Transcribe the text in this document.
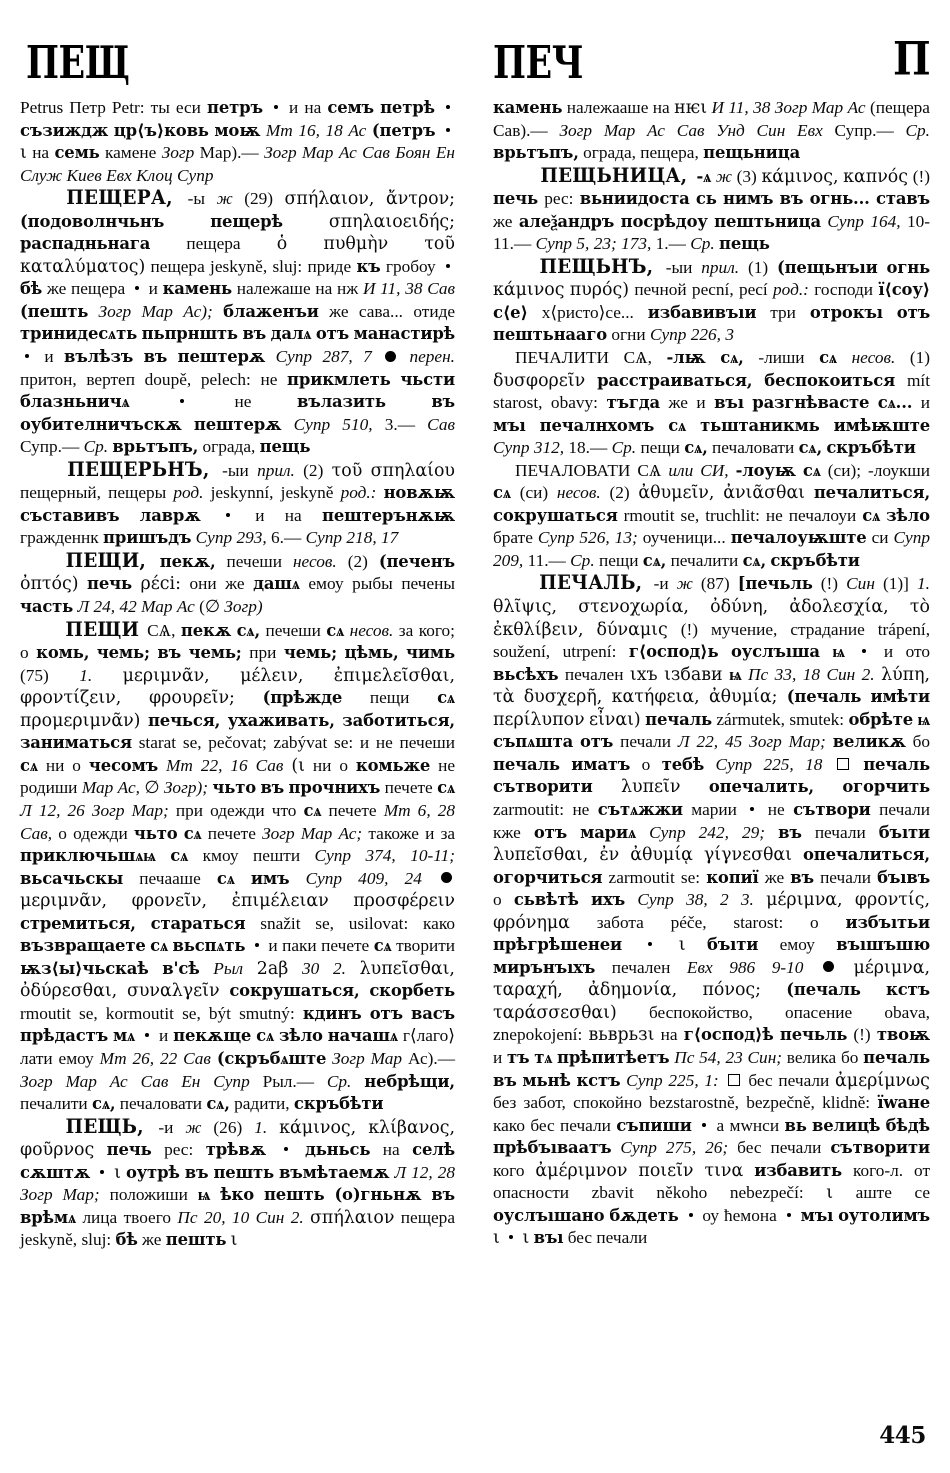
ПЕЩ	ПЕЧ	П

Petrus Петр Petr: ты еси петръ и на семъ петрѣ  съзиждж цр⟨ъ⟩ковь моѭ Мт 16, 18 Ас (петръ  ι на семь камене Зогр Мар).— Зогр Мар Ас Сав Боян Ен Служ Киев Евх Клоц Супр

ПЕЩЕРА, -ы ж (29) σπήλαιον, ἄντρον; (подоволнчьнъ	пещерѣ	σπηλαιοειδής; распадньнага пещера ὁ πυθμὴν τοῦ καταλύματος) пещера jeskyně, sluj: приде къ гробоу  бѣ же пещера и камень належаше на нж И 11, 38 Сав (пешть Зогр Мар Ас); блаженъи же сава... отиде тринидесѧть пьпрншть въ далѧ отъ манастирѣ  и вълѣзъ въ пештерѫ Супр 287, 7 перен. притон, вертеп doupě, pelech: не прикмлеть чьсти блазньничѧ	не	вълазить	въ оубителничъскѫ пештерѫ Супр 510, 3.— Сав Супр.— Ср. врьтъпъ, ограда, пещь

ПЕЩЕРЬНЪ, -ыи прил. (2) τοῦ σπηλαίου пещерный, пещеры род. jeskynní, jeskyně род.: новѫѭ съставивъ лаврѫ	и на пештерънѫѭ гражденнк пришъдъ Супр 293, 6.— Супр 218, 17

ПЕЩИ, пекѫ, печеши несов. (2) (печенъ ὀπτός) печь ρέсі: они же дашѧ емоу рыбы печены часть Л 24, 42 Мар Ас (∅ Зогр)

ПЕЩИ СѦ, пекѫ сѧ, печеши сѧ несов. за кого; о комь, чемь; въ чемь; при чемь; цѣмь, чимь (75) 1. μεριμνᾶν, μέλειν, ἐπιμελεῖσθαι, φροντίζειν, φρουρεῖν; (прѣжде пещи сѧ προμεριμνᾶν) печься, ухаживать, заботиться, заниматься starat se, pečovat; zabývat se: и не печеши сѧ ни о чесомъ Мт 22, 16 Сав (ι ни о комьже не родиши Мар Ас, ∅ Зогр); чьто въ прочнихъ печете сѧ Л 12, 26 Зогр Мар; при одежди что сѧ печете Мт 6, 28 Сав, о одежди чьто сѧ печете Зогр Мар Ас; такоже и за приключьшѧѩ сѧ кмоу пешти Супр 374, 10-11; вьсачьскы печааше сѧ имъ Супр 409, 24  μεριμνᾶν, φρονεῖν, ἐπιμέλειαν προσφέρειν стремиться, стараться snažit se, usilovat: како възвращаете сѧ вьспѧть и паки печете сѧ творити ѭз⟨ы⟩чьскаѣ в'сѣ Рыл 2аβ 30 2. λυπεῖσθαι, ὀδύρεσθαι, συναλγεῖν сокрушаться, скорбеть rmoutit se, kormoutit se, být smutný: кдинъ отъ васъ прѣдастъ мѧ и пекѫще сѧ зѣло начашѧ г⟨лаго⟩лати емоу Мт 26, 22 Сав (скръбѧште Зогр Мар Ас).— Зогр Мар Ас Сав Ен Супр Рыл.— Ср. небрѣщи, печалити сѧ, печаловати сѧ, радити, скръбѣти

ПЕЩЬ, -и ж (26) 1. κάμινος, κλίβανος, φοῦρνος печь рес: трѣвѫ дьньсь на селѣ сѫштѫ ι оутрѣ въ пешть въмѣтаемѫ Л 12, 28 Зогр Мар; положиши ѩ ѣко пешть (о)гньнѫ въ врѣмѧ лица твоего Пс 20, 10 Син 2. σπήλαιον пещера jeskyně, sluj: бѣ же пешть ι

камень належааше на нѥι И 11, 38 Зогр Мар Ас (пещера Сав).— Зогр Мар Ас Сав Унд Син Евх Супр.— Ср. врьтъпъ, ограда, пещера, пещьница

ПЕЩЬНИЦА, -ѧ ж (3) κάμινος, καπνός (!) печь рес: вьниидоста сь нимъ въ огнь... ставъ же алеѯандръ посрѣдоу пештьница Супр 164, 10-11.— Супр 5, 23; 173, 1.— Ср. пещь

ПЕЩЬНЪ, -ыи прил. (1) (пещьнъıи огнь κάμινος πυρός) печной pecní, pecí род.: господи ї⟨соу⟩с⟨е⟩ х⟨ристо⟩се... избавивъıи три отрокъı отъ пештьнааго огни Супр 226, 3

ПЕЧАЛИТИ СѦ, -лѭ сѧ, -лиши сѧ несов. (1) δυσφορεῖν расстраиваться, беспокоиться mít starost, obavy: тъгда же и въı разгнѣвасте сѧ... и мъı печалнхомъ сѧ тьштаникмь имѣѭште Супр 312, 18.— Ср. пещи сѧ, печаловати сѧ, скръбѣти

ПЕЧАЛОВАТИ СѦ или СИ, -лоуѭ сѧ (си); -лоукши сѧ (си) несов. (2) ἀθυμεῖν, ἀνιᾶσθαι печалиться, сокрушаться rmoutit se, truchlit: не печалоуи сѧ зѣло брате Супр 526, 13; оученици... печалоуѭште си Супр 209, 11.— Ср. пещи сѧ, печалити сѧ, скръбѣти

ПЕЧАЛЬ, -и ж (87) [печьль (!) Син (1)] 1. θλῖψις, στενοχωρία, ὀδύνη, ἀδολεσχία, τὸ ἐκθλίβειν, δύναμις (!) мучение, страдание trápení, soužení, utrpení: г⟨оспод⟩ь оуслъıша ѩ и ото вьсѣхъ печален ιхъ ιзбави ѩ Пс 33, 18 Син 2. λύπη, τὰ δυσχερῆ, κατήφεια, ἀθυμία; (печаль имѣти περίλυπον εἶναι) печаль zármutek, smutek: обрѣте ѩ съпѧшта отъ печали Л 22, 45 Зогр Мар; великѫ бо печаль иматъ о тебѣ Супр 225, 18 печаль сътворити λυπεῖν опечалить, огорчить zarmoutit: не сътѧжжи марии не сътвори печали кже отъ мариѧ Супр 242, 29; въ печали бъıти λυπεῖσθαι, ἐν ἀθυμίᾳ γίγνεσθαι опечалиться, огорчиться zarmoutit se: копиї же въ печали бъıвъ о сьвѣтѣ ихъ Супр 38, 2 3. μέριμνα, φροντίς, φρόνημα забота péče, starost: о избъıтьи прѣгрѣшенеи	ι бъıти емоу въıшъшю мирънъıхъ печален Евх 986 9-10	μέριμνα, ταραχή, ἀδημονία, πόνος; (печаль кстъ ταράσσεσθαι) беспокойство, опасение obava, znepokojení: вьврьзι на г⟨оспод⟩ѣ печьль (!) твоѭ и тъ тѧ прѣпитѣетъ Пс 54, 23 Син; велика бо печаль въ мьнѣ кстъ Супр 225, 1: бес печали ἀμερίμνως без забот, спокойно bezstarostně, bezpečně, klidně: їwане како бес печали съпиши а мwнси вь велицѣ бѣдѣ прѣбъıваатъ Супр 275, 26; бес печали сътворити кого ἀμέριμνον ποιεῖν τινα избавить кого-л. от опасности zbavit někoho nebezpečí: ι аште се оуслъıшано бѫдеть оу ћемона мъı оутолимъ ι ι въı бес печали

445
